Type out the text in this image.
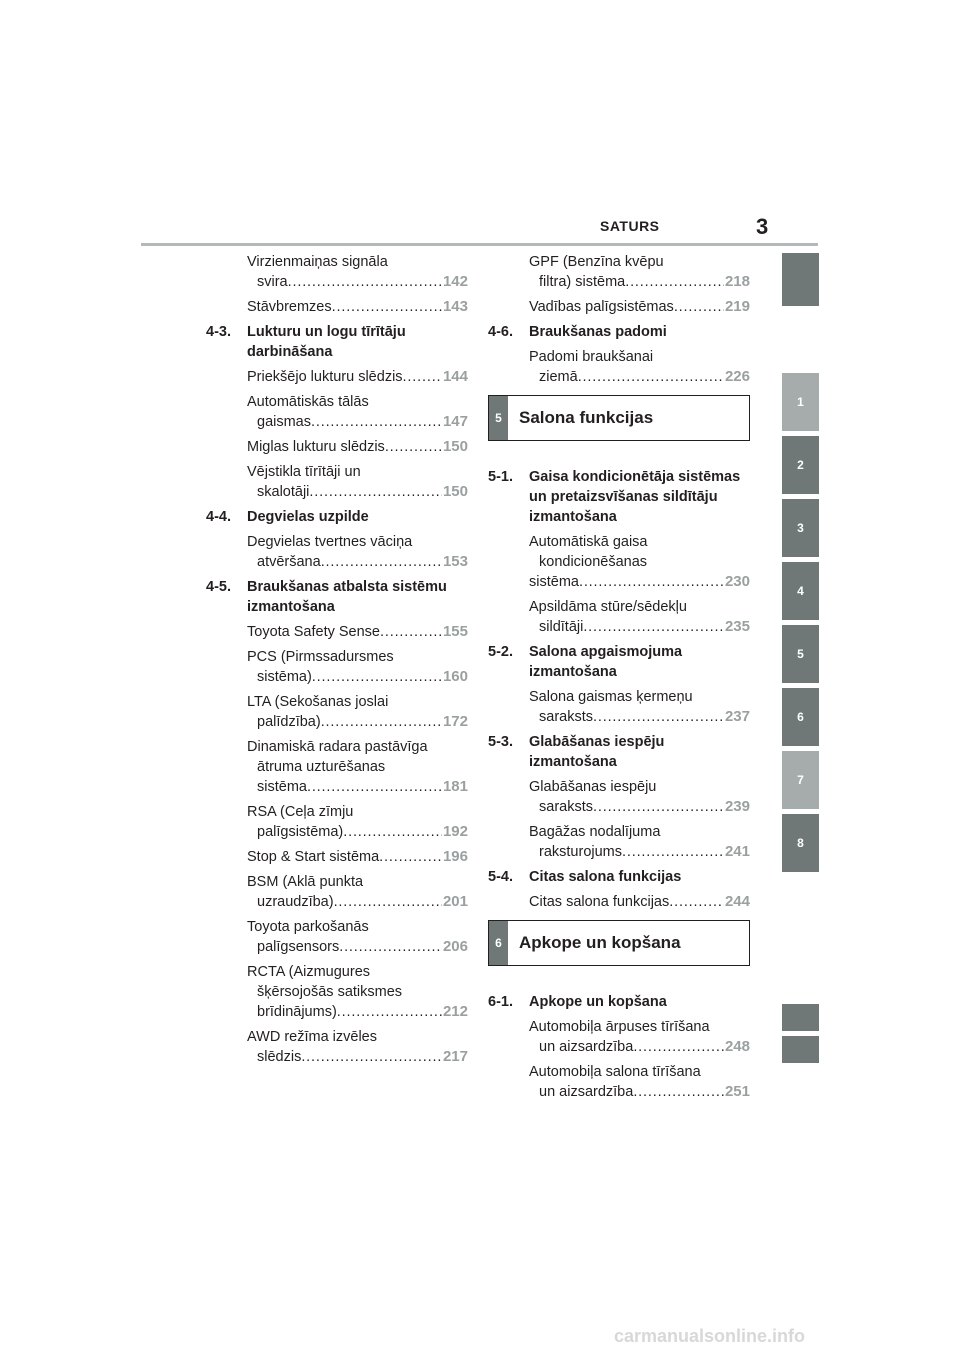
SATURS	3
1
2
3
4
5
6
7
8
Virzienmaiņas signāla
svira . . .	142
Stāvbremzes . . .	143
4-3.	Lukturu un logu tīrītāju darbināšana
Priekšējo lukturu slēdzis . . .	144
Automātiskās tālās
gaismas . . .	147
Miglas lukturu slēdzis . . .	150
Vējstikla tīrītāji un
skalotāji . . .	150
4-4.	Degvielas uzpilde
Degvielas tvertnes vāciņa
atvēršana . . .	153
4-5.	Braukšanas atbalsta sistēmu izmantošana
Toyota Safety Sense . . .	155
PCS (Pirmssadursmes
sistēma) . . .	160
LTA (Sekošanas joslai
palīdzība) . . .	172
Dinamiskā radara pastāvīga
ātruma uzturēšanas
sistēma . . .	181
RSA (Ceļa zīmju
palīgsistēma) . . .	192
Stop & Start sistēma . . .	196
BSM (Aklā punkta
uzraudzība) . . .	201
Toyota parkošanās
palīgsensors . . .	206
RCTA (Aizmugures
šķērsojošās satiksmes
brīdinājums) . . .	212
AWD režīma izvēles
slēdzis . . .	217
GPF (Benzīna kvēpu
filtra) sistēma . . .	218
Vadības palīgsistēmas . . .	219
4-6.	Braukšanas padomi
Padomi braukšanai
ziemā . . .	226
5	Salona funkcijas
5-1.	Gaisa kondicionētāja sistēmas un pretaizsvīšanas sildītāju izmantošana
Automātiskā gaisa
kondicionēšanas
sistēma . . .	230
Apsildāma stūre/sēdekļu
sildītāji . . .	235
5-2.	Salona apgaismojuma izmantošana
Salona gaismas ķermeņu
saraksts . . .	237
5-3.	Glabāšanas iespēju izmantošana
Glabāšanas iespēju
saraksts . . .	239
Bagāžas nodalījuma
raksturojums . . .	241
5-4.	Citas salona funkcijas
Citas salona funkcijas . . .	244
6	Apkope un kopšana
6-1.	Apkope un kopšana
Automobiļa ārpuses tīrīšana
un aizsardzība . . .	248
Automobiļa salona tīrīšana
un aizsardzība . . .	251
carmanualsonline.info
